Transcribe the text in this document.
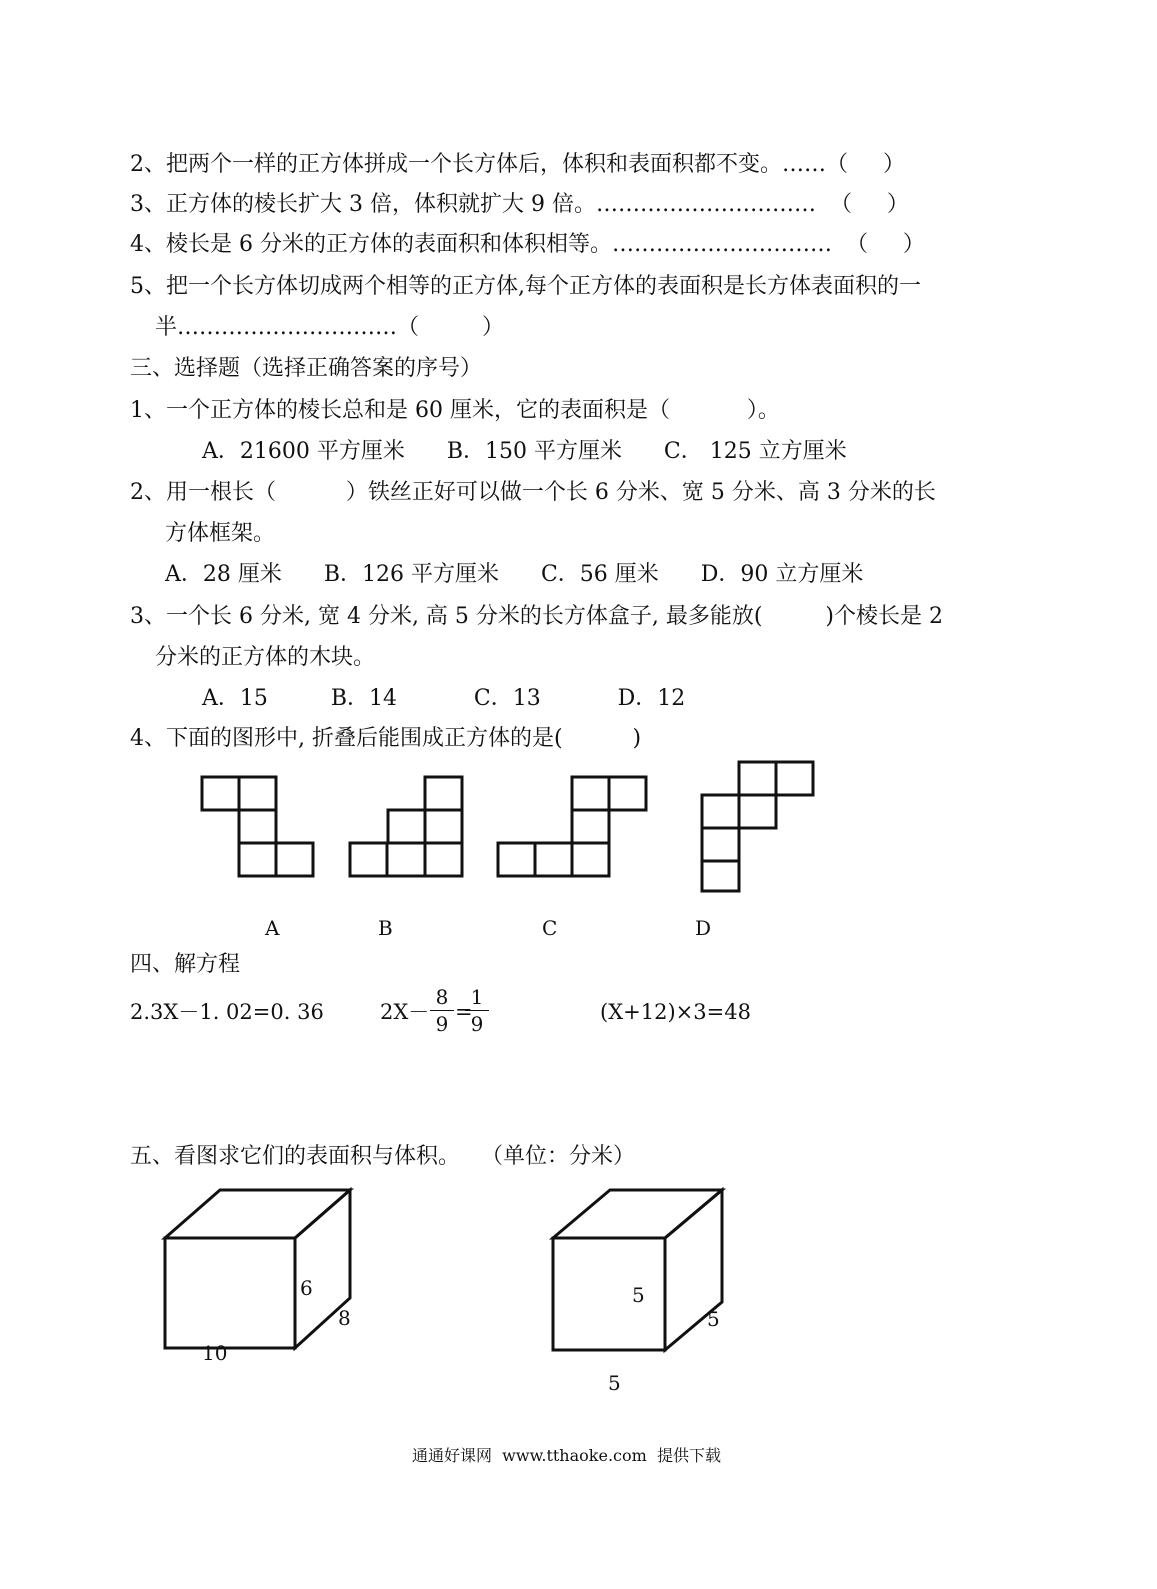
2、把两个一样的正方体拼成一个长方体后，体积和表面积都不变。……（     ）
3、正方体的棱长扩大 3 倍，体积就扩大 9 倍。…………………………  （     ）
4、棱长是 6 分米的正方体的表面积和体积相等。…………………………  （     ）
5、把一个长方体切成两个相等的正方体,每个正方体的表面积是长方体表面积的一
半…………………………（         ）
三、选择题（选择正确答案的序号）
1、一个正方体的棱长总和是 60 厘米，它的表面积是（           ）。
A．21600 平方厘米      B．150 平方厘米      C． 125 立方厘米
2、用一根长（          ）铁丝正好可以做一个长 6 分米、宽 5 分米、高 3 分米的长
方体框架。
A．28 厘米      B．126 平方厘米      C．56 厘米      D．90 立方厘米
3、一个长 6 分米, 宽 4 分米, 高 5 分米的长方体盒子, 最多能放(         )个棱长是 2
分米的正方体的木块。
A．15         B．14           C．13           D．12
4、下面的图形中, 折叠后能围成正方体的是(          )
A	B	C	D
四、解方程
2.3X－1. 02=0. 36	2X－
8
9 =
1
9	(X+12)×3=48
五、看图求它们的表面积与体积。   （单位：分米）
6
8
10
5
5
5
通通好课网  www.tthaoke.com  提供下载
